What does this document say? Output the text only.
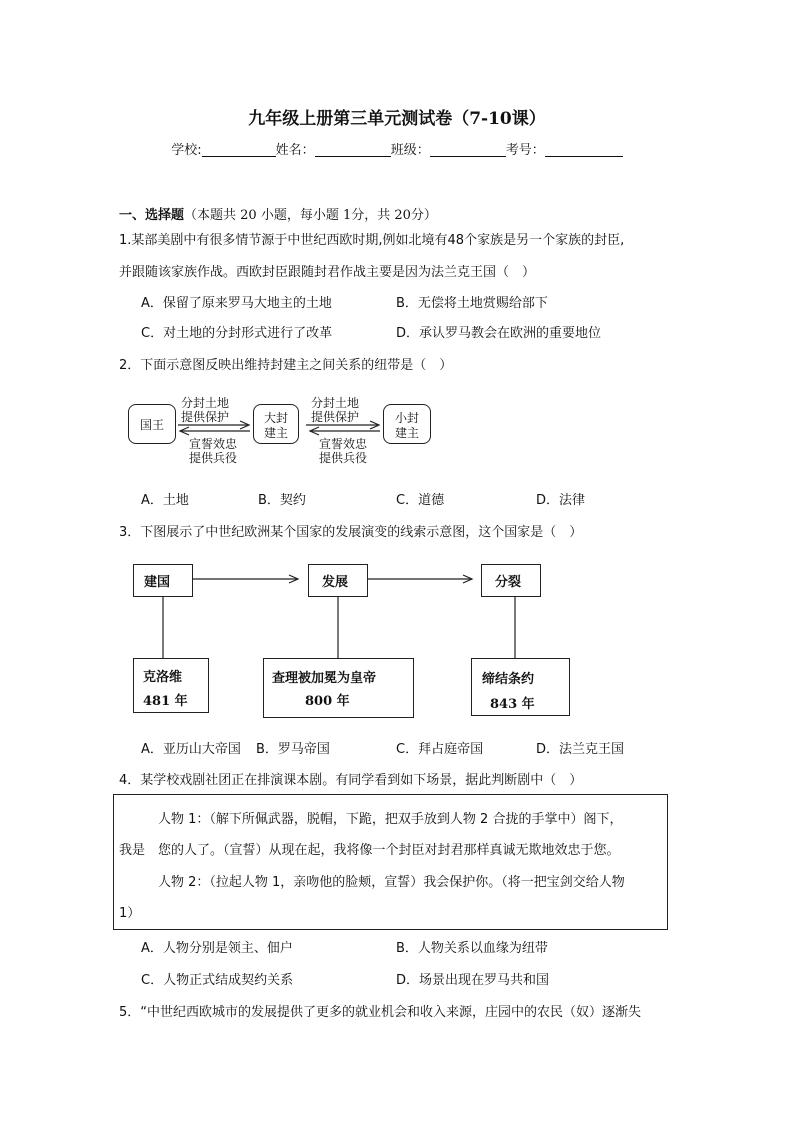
九年级上册第三单元测试卷（7-10课）
学校:	姓名：	班级：	考号：
一、选择题（本题共 20 小题，每小题 1分，共 20分）
1.某部美剧中有很多情节源于中世纪西欧时期,例如北境有48个家族是另一个家族的封臣,
并跟随该家族作战。西欧封臣跟随封君作战主要是因为法兰克王国（　）
A．保留了原来罗马大地主的土地	B．无偿将土地赏赐给部下
C．对土地的分封形式进行了改革	D．承认罗马教会在欧洲的重要地位
2．下面示意图反映出维持封建主之间关系的纽带是（　）
国王	大封
建主
小封
建主
分封土地
提供保护
宣誓效忠
提供兵役
分封土地
提供保护
宣誓效忠
提供兵役
A．土地	B．契约	C．道德	D．法律
3．下图展示了中世纪欧洲某个国家的发展演变的线索示意图，这个国家是（　）
建国	发展	分裂
克洛维
481 年
查理被加冕为皇帝
800 年
缔结条约
843 年
A．亚历山大帝国 B．罗马帝国	C．拜占庭帝国	D．法兰克王国
4．某学校戏剧社团正在排演课本剧。有同学看到如下场景，据此判断剧中（　）
人物 1：（解下所佩武器，脱帽，下跪，把双手放到人物 2 合拢的手掌中）阁下，
我是　您的人了。（宣誓）从现在起，我将像一个封臣对封君那样真诚无欺地效忠于您。
人物 2：（拉起人物 1，亲吻他的脸颊，宣誓）我会保护你。（将一把宝剑交给人物
1）
A．人物分别是领主、佃户	B．人物关系以血缘为纽带
C．人物正式结成契约关系	D．场景出现在罗马共和国
5．“中世纪西欧城市的发展提供了更多的就业机会和收入来源，庄园中的农民（奴）逐渐失
